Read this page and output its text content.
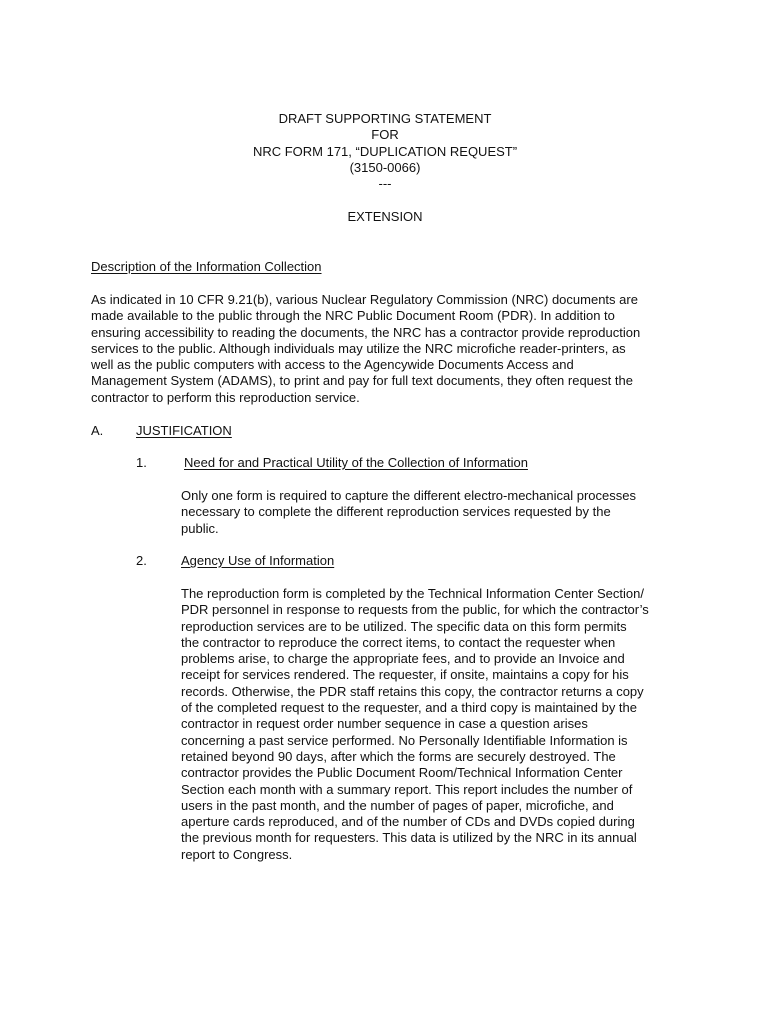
DRAFT SUPPORTING STATEMENT
FOR
NRC FORM 171, “DUPLICATION REQUEST”
(3150-0066)
---
EXTENSION
Description of the Information Collection

As indicated in 10 CFR 9.21(b), various Nuclear Regulatory Commission (NRC) documents are
made available to the public through the NRC Public Document Room (PDR). In addition to
ensuring accessibility to reading the documents, the NRC has a contractor provide reproduction
services to the public. Although individuals may utilize the NRC microfiche reader-printers, as
well as the public computers with access to the Agencywide Documents Access and
Management System (ADAMS), to print and pay for full text documents, they often request the
contractor to perform this reproduction service.

A.	JUSTIFICATION
1.	Need for and Practical Utility of the Collection of Information

Only one form is required to capture the different electro-mechanical processes
necessary to complete the different reproduction services requested by the
public.

2.	Agency Use of Information

The reproduction form is completed by the Technical Information Center Section/
PDR personnel in response to requests from the public, for which the contractor’s
reproduction services are to be utilized. The specific data on this form permits
the contractor to reproduce the correct items, to contact the requester when
problems arise, to charge the appropriate fees, and to provide an Invoice and
receipt for services rendered. The requester, if onsite, maintains a copy for his
records. Otherwise, the PDR staff retains this copy, the contractor returns a copy
of the completed request to the requester, and a third copy is maintained by the
contractor in request order number sequence in case a question arises
concerning a past service performed. No Personally Identifiable Information is
retained beyond 90 days, after which the forms are securely destroyed. The
contractor provides the Public Document Room/Technical Information Center
Section each month with a summary report. This report includes the number of
users in the past month, and the number of pages of paper, microfiche, and
aperture cards reproduced, and of the number of CDs and DVDs copied during
the previous month for requesters. This data is utilized by the NRC in its annual
report to Congress.
